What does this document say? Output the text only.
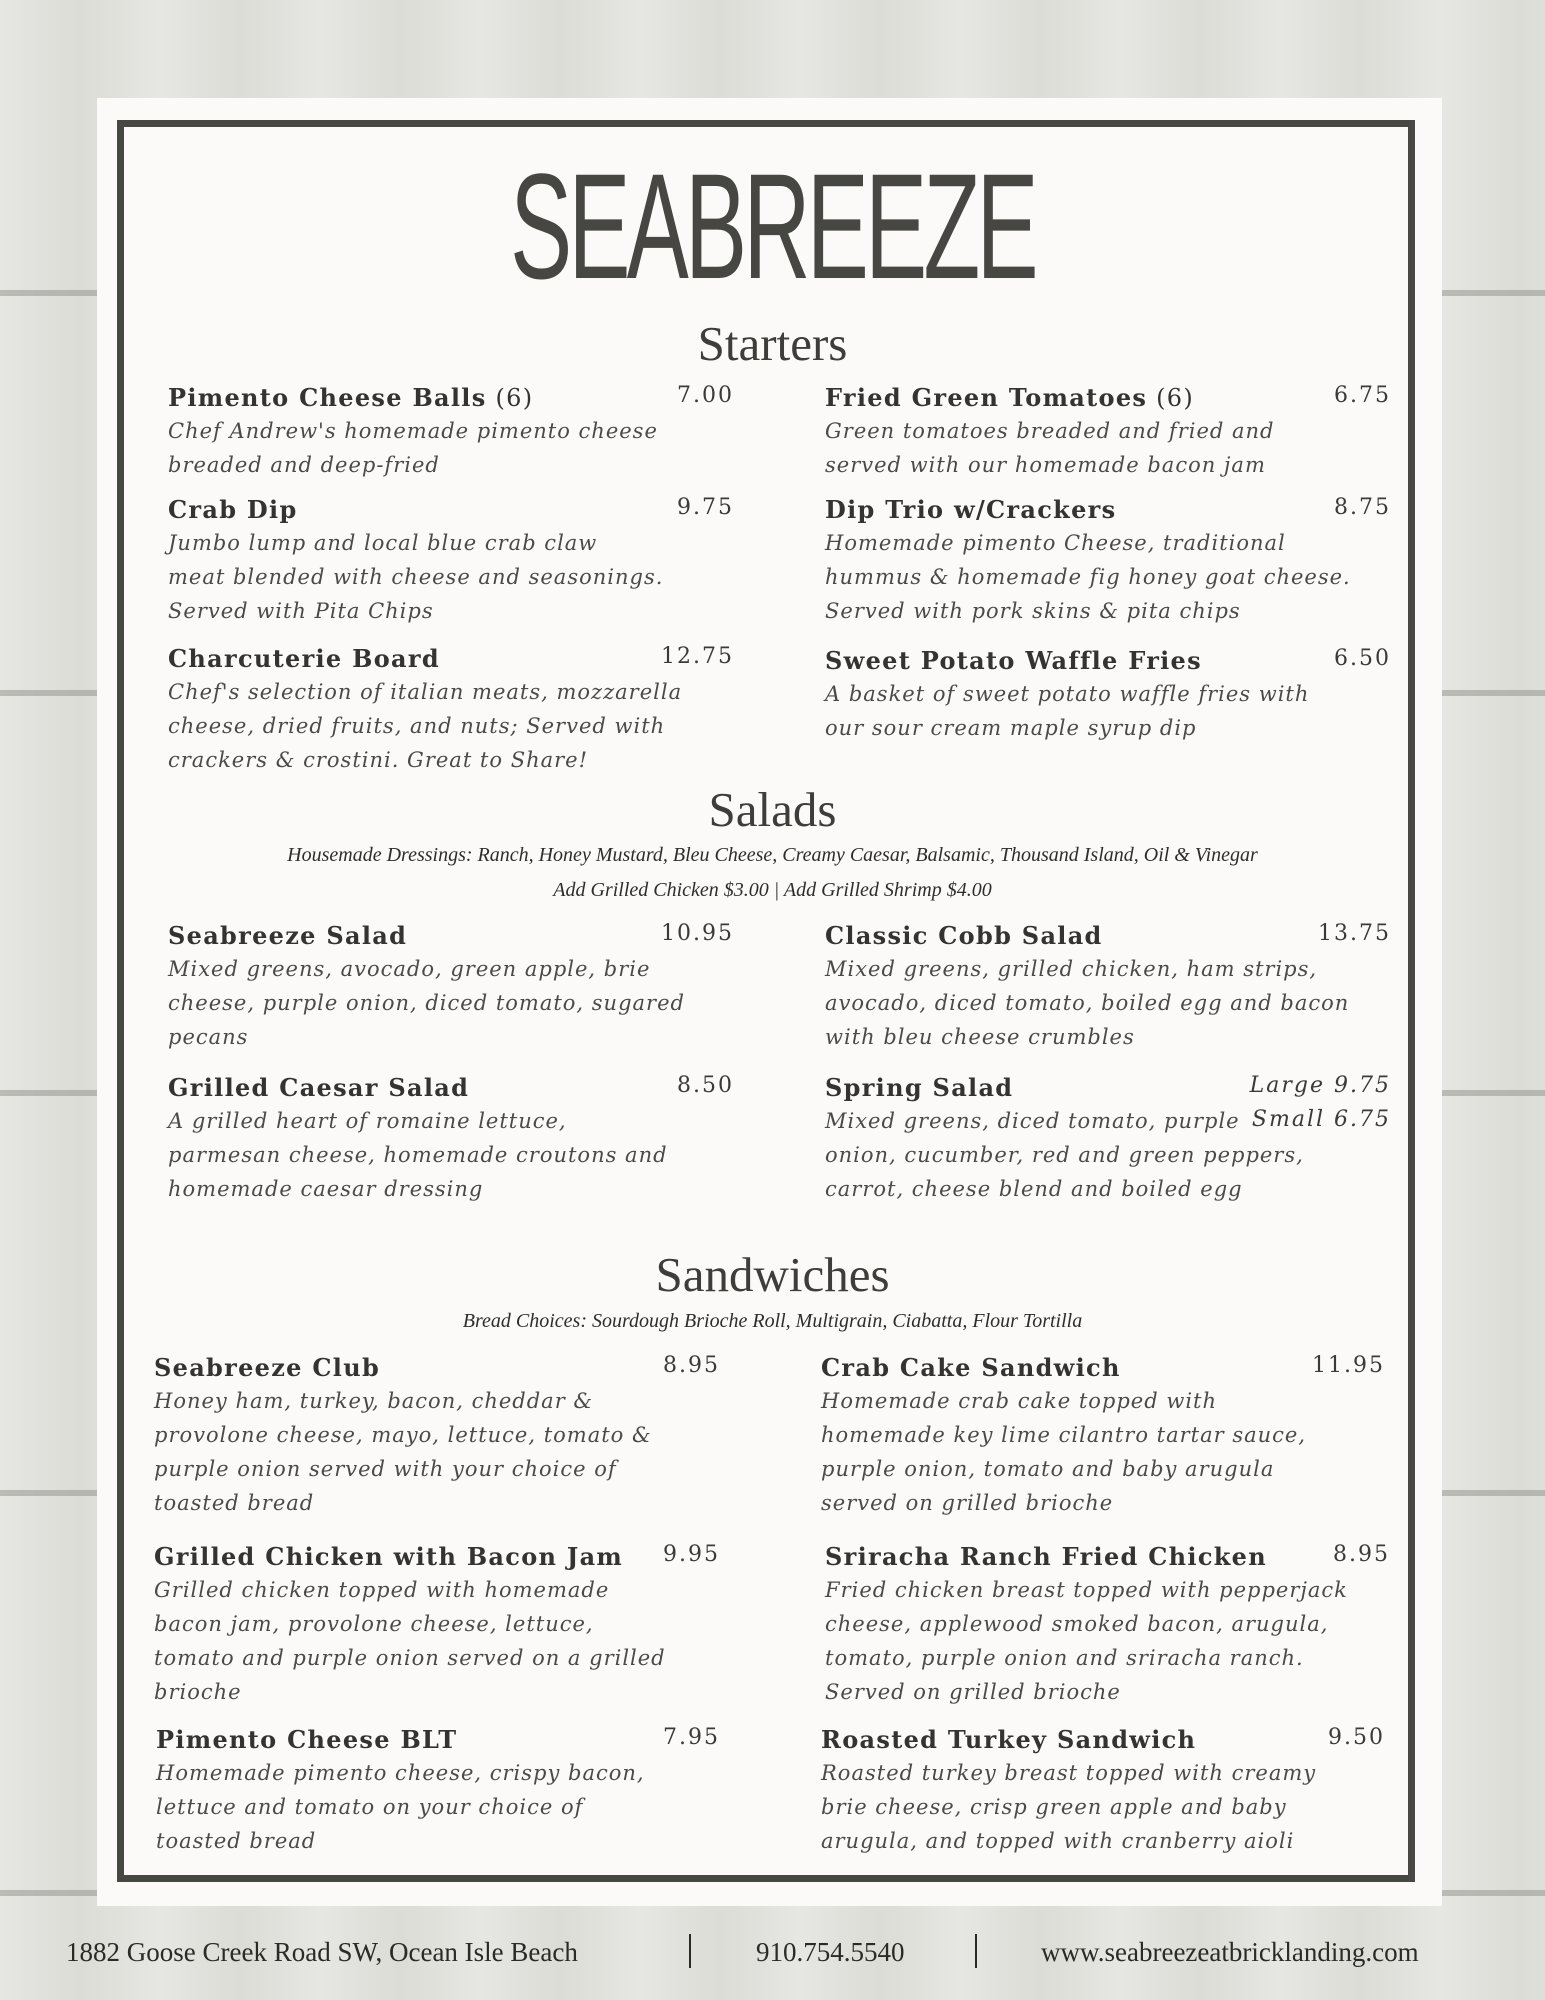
SEABREEZE
Starters
Pimento Cheese Balls (6)	7.00
Chef Andrew's homemade pimento cheese
breaded and deep-fried
Fried Green Tomatoes (6)	6.75
Green tomatoes breaded and fried and
served with our homemade bacon jam
Crab Dip	9.75
Jumbo lump and local blue crab claw
meat blended with cheese and seasonings.
Served with Pita Chips
Dip Trio w/Crackers	8.75
Homemade pimento Cheese, traditional
hummus & homemade fig honey goat cheese.
Served with pork skins & pita chips
Charcuterie Board	12.75
Chef's selection of italian meats, mozzarella
cheese, dried fruits, and nuts; Served with
crackers & crostini. Great to Share!
Sweet Potato Waffle Fries	6.50
A basket of sweet potato waffle fries with
our sour cream maple syrup dip
Salads
Housemade Dressings: Ranch, Honey Mustard, Bleu Cheese, Creamy Caesar, Balsamic, Thousand Island, Oil & Vinegar
Add Grilled Chicken $3.00 | Add Grilled Shrimp $4.00
Seabreeze Salad	10.95
Mixed greens, avocado, green apple, brie
cheese, purple onion, diced tomato, sugared
pecans
Classic Cobb Salad	13.75
Mixed greens, grilled chicken, ham strips,
avocado, diced tomato, boiled egg and bacon
with bleu cheese crumbles
Grilled Caesar Salad	8.50
A grilled heart of romaine lettuce,
parmesan cheese, homemade croutons and
homemade caesar dressing
Spring Salad	Large 9.75
Small 6.75
Mixed greens, diced tomato, purple
onion, cucumber, red and green peppers,
carrot, cheese blend and boiled egg
Sandwiches
Bread Choices: Sourdough Brioche Roll, Multigrain, Ciabatta, Flour Tortilla
Seabreeze Club	8.95
Honey ham, turkey, bacon, cheddar &
provolone cheese, mayo, lettuce, tomato &
purple onion served with your choice of
toasted bread
Crab Cake Sandwich	11.95
Homemade crab cake topped with
homemade key lime cilantro tartar sauce,
purple onion, tomato and baby arugula
served on grilled brioche
Grilled Chicken with Bacon Jam	9.95
Grilled chicken topped with homemade
bacon jam, provolone cheese, lettuce,
tomato and purple onion served on a grilled
brioche
Sriracha Ranch Fried Chicken	8.95
Fried chicken breast topped with pepperjack
cheese, applewood smoked bacon, arugula,
tomato, purple onion and sriracha ranch.
Served on grilled brioche
Pimento Cheese BLT	7.95
Homemade pimento cheese, crispy bacon,
lettuce and tomato on your choice of
toasted bread
Roasted Turkey Sandwich	9.50
Roasted turkey breast topped with creamy
brie cheese, crisp green apple and baby
arugula, and topped with cranberry aioli
1882 Goose Creek Road SW, Ocean Isle Beach	910.754.5540	www.seabreezeatbricklanding.com
